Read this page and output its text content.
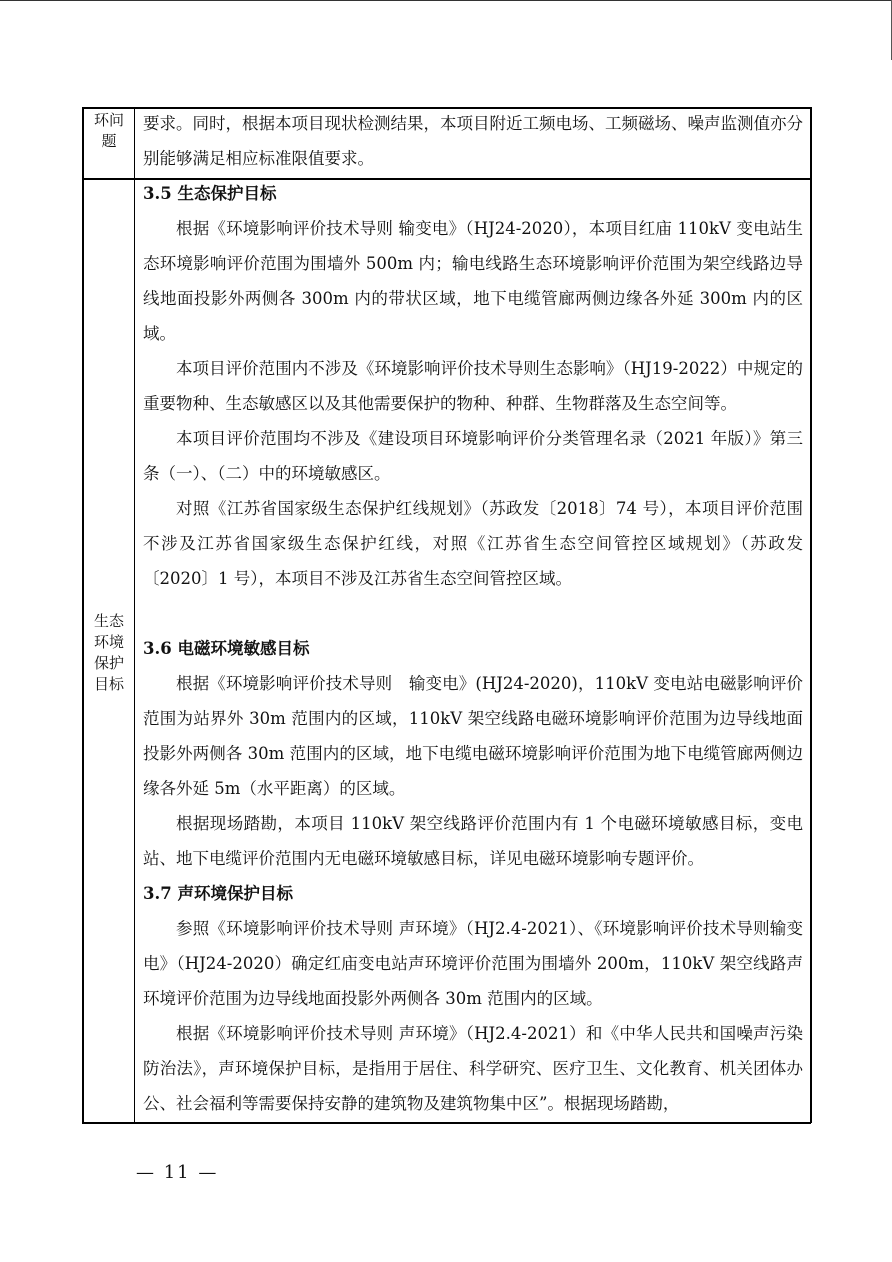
环问
题

要求。同时，根据本项目现状检测结果，本项目附近工频电场、工频磁场、噪声监测值亦分别能够满足相应标准限值要求。

生态
环境
保护
目标

3.5 生态保护目标

根据《环境影响评价技术导则 输变电》（HJ24-2020），本项目红庙 110kV 变电站生态环境影响评价范围为围墙外 500m 内；输电线路生态环境影响评价范围为架空线路边导线地面投影外两侧各 300m 内的带状区域，地下电缆管廊两侧边缘各外延 300m 内的区域。

本项目评价范围内不涉及《环境影响评价技术导则生态影响》（HJ19-2022）中规定的重要物种、生态敏感区以及其他需要保护的物种、种群、生物群落及生态空间等。

本项目评价范围均不涉及《建设项目环境影响评价分类管理名录（2021 年版）》第三条（一）、（二）中的环境敏感区。

对照《江苏省国家级生态保护红线规划》（苏政发〔2018〕74 号），本项目评价范围不涉及江苏省国家级生态保护红线，对照《江苏省生态空间管控区域规划》（苏政发〔2020〕1 号），本项目不涉及江苏省生态空间管控区域。

3.6 电磁环境敏感目标

根据《环境影响评价技术导则　输变电》(HJ24-2020)，110kV 变电站电磁影响评价范围为站界外 30m 范围内的区域，110kV 架空线路电磁环境影响评价范围为边导线地面投影外两侧各 30m 范围内的区域，地下电缆电磁环境影响评价范围为地下电缆管廊两侧边缘各外延 5m（水平距离）的区域。

根据现场踏勘，本项目 110kV 架空线路评价范围内有 1 个电磁环境敏感目标，变电站、地下电缆评价范围内无电磁环境敏感目标，详见电磁环境影响专题评价。

3.7 声环境保护目标

参照《环境影响评价技术导则 声环境》（HJ2.4-2021）、《环境影响评价技术导则输变电》（HJ24-2020）确定红庙变电站声环境评价范围为围墙外 200m，110kV 架空线路声环境评价范围为边导线地面投影外两侧各 30m 范围内的区域。

根据《环境影响评价技术导则 声环境》（HJ2.4-2021）和《中华人民共和国噪声污染防治法》，声环境保护目标，是指用于居住、科学研究、医疗卫生、文化教育、机关团体办公、社会福利等需要保持安静的建筑物及建筑物集中区”。根据现场踏勘，

— 11 —
